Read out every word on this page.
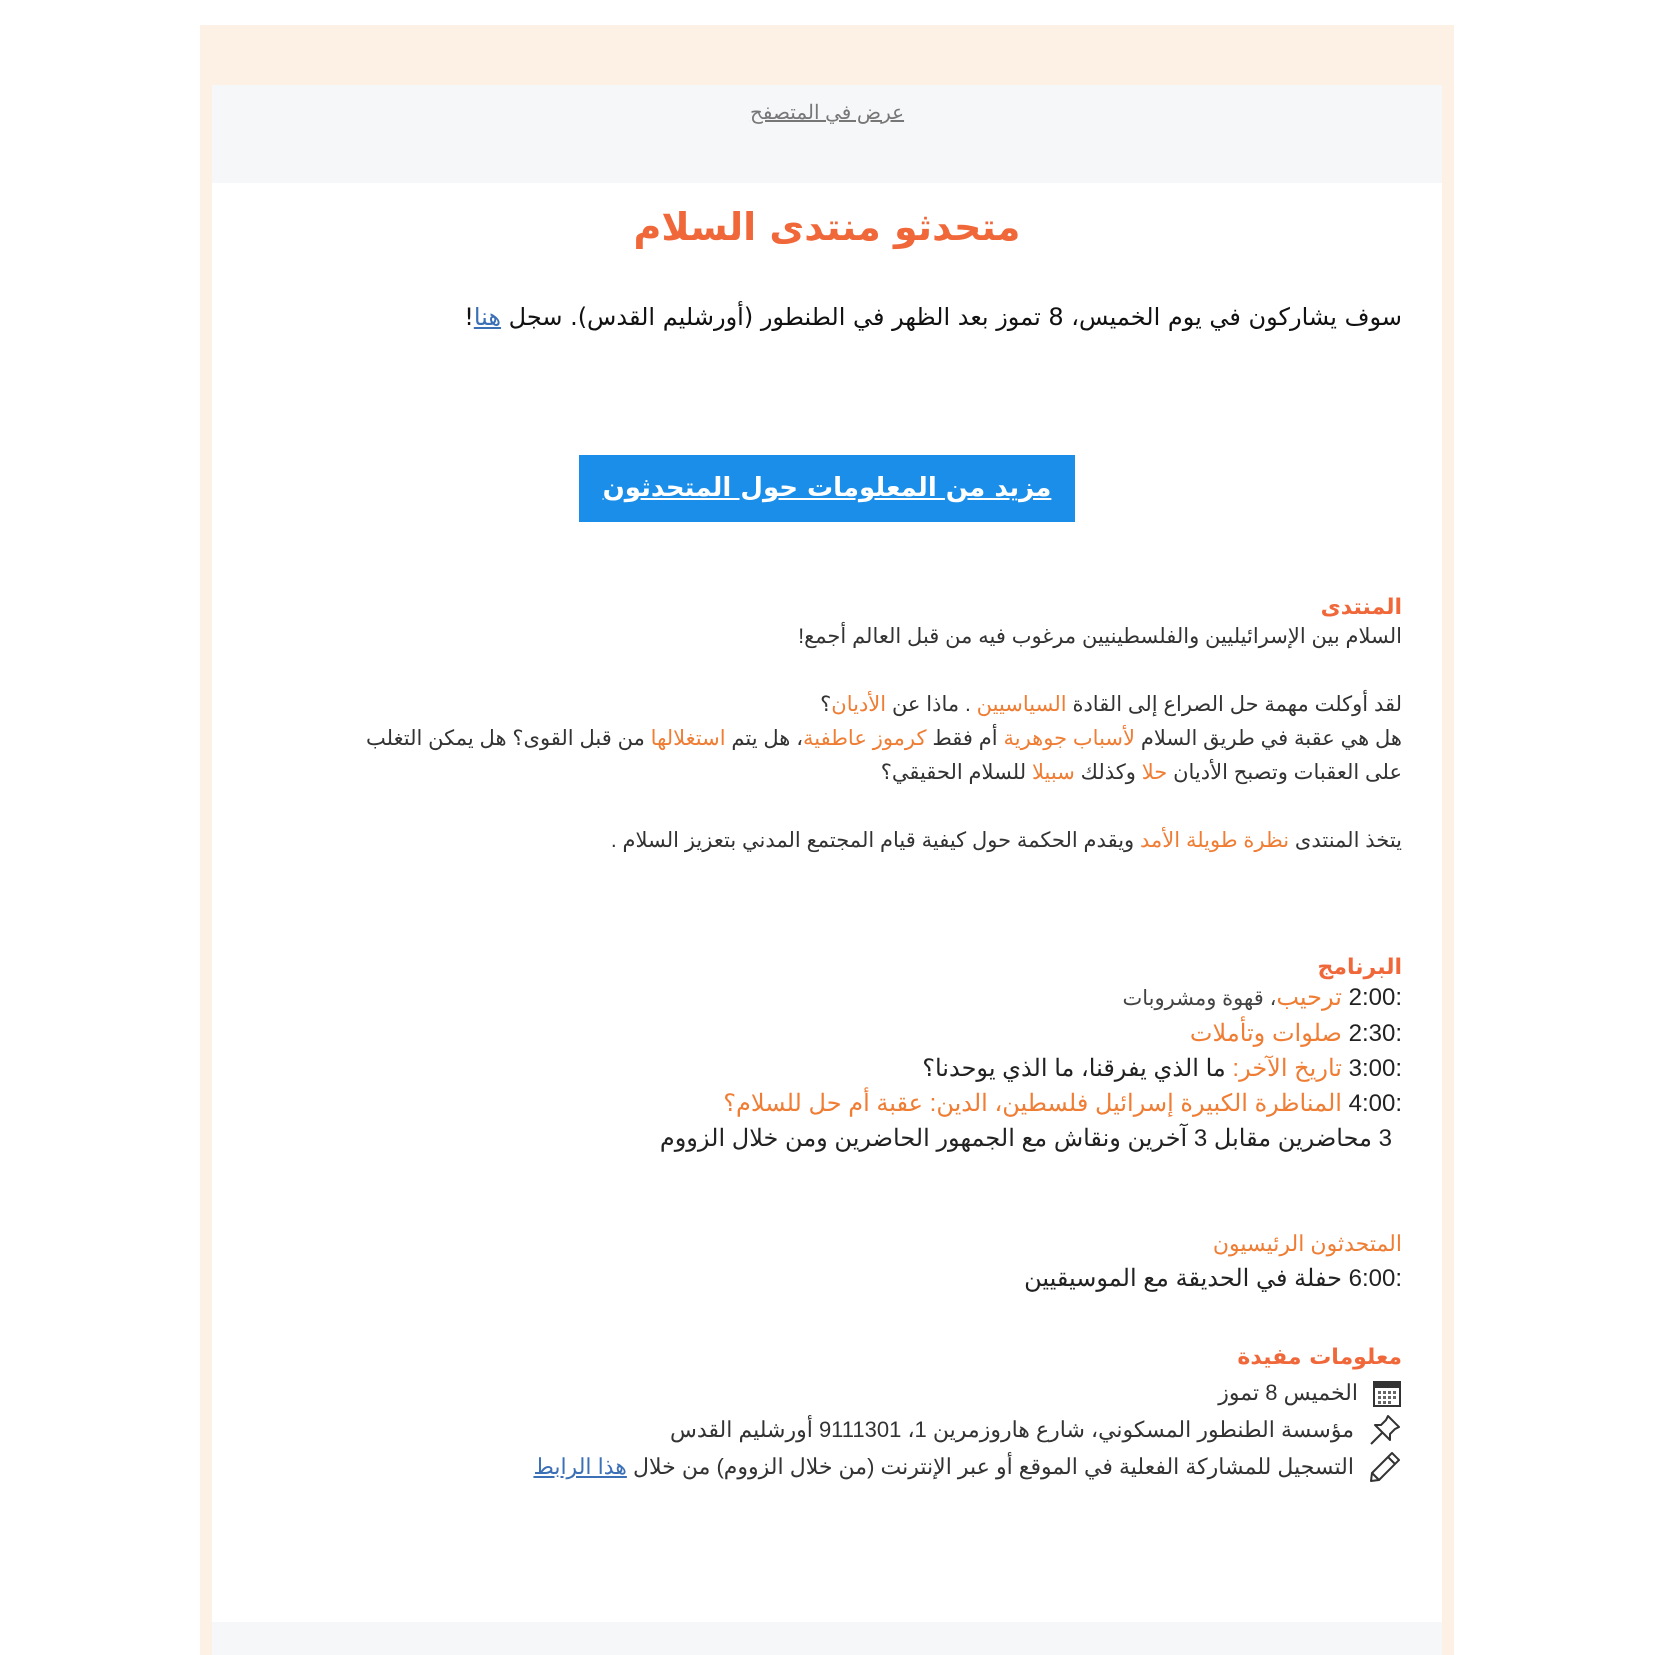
عرض في المتصفح
متحدثو منتدى السلام
سوف يشاركون في يوم الخميس، 8 تموز بعد الظهر في الطنطور (أورشليم القدس). سجل هنا!
مزيد من المعلومات حول المتحدثون
المنتدى
السلام بين الإسرائيليين والفلسطينيين مرغوب فيه من قبل العالم أجمع!
لقد أوكلت مهمة حل الصراع إلى القادة السياسيين . ماذا عن الأديان؟
هل هي عقبة في طريق السلام لأسباب جوهرية أم فقط كرموز عاطفية، هل يتم استغلالها من قبل القوى؟ هل يمكن التغلب
على العقبات وتصبح الأديان حلا وكذلك سبيلا للسلام الحقيقي؟
يتخذ المنتدى نظرة طويلة الأمد ويقدم الحكمة حول كيفية قيام المجتمع المدني بتعزيز السلام .
البرنامج
2:00: ترحيب، قهوة ومشروبات
2:30: صلوات وتأملات
3:00: تاريخ الآخر: ما الذي يفرقنا، ما الذي يوحدنا؟
4:00: المناظرة الكبيرة إسرائيل فلسطين، الدين: عقبة أم حل للسلام؟
3 محاضرين مقابل 3 آخرين ونقاش مع الجمهور الحاضرين ومن خلال الزووم
المتحدثون الرئيسيون
6:00: حفلة في الحديقة مع الموسيقيين
معلومات مفيدة
الخميس 8 تموز
مؤسسة الطنطور المسكوني، شارع هاروزمرين 1، 9111301 أورشليم القدس
التسجيل للمشاركة الفعلية في الموقع أو عبر الإنترنت (من خلال الزووم) من خلال هذا الرابط
